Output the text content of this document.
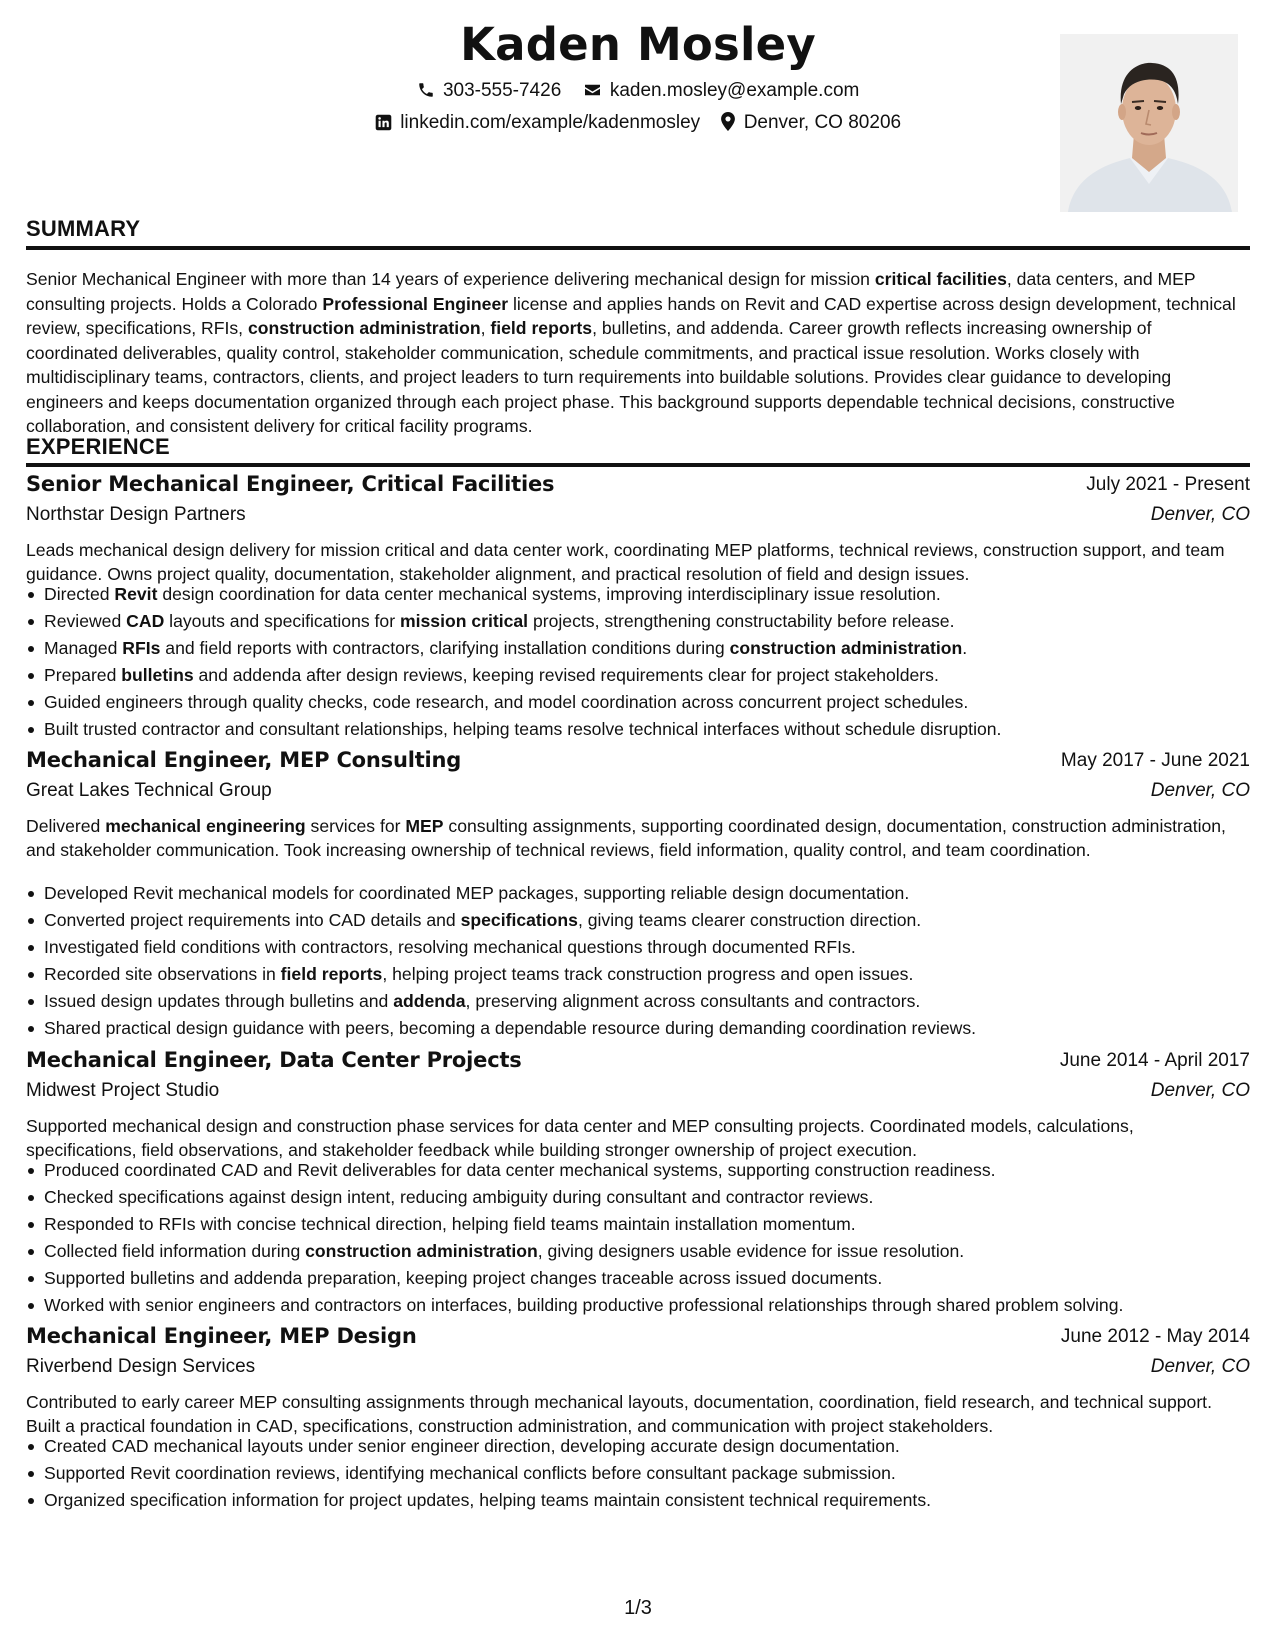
Kaden Mosley
303-555-7426	kaden.mosley@example.com
linkedin.com/example/kadenmosley Denver, CO 80206
SUMMARY
Senior Mechanical Engineer with more than 14 years of experience delivering mechanical design for mission critical facilities, data centers, and MEP consulting projects. Holds a Colorado Professional Engineer license and applies hands on Revit and CAD expertise across design development, technical review, specifications, RFIs, construction administration, field reports, bulletins, and addenda. Career growth reflects increasing ownership of coordinated deliverables, quality control, stakeholder communication, schedule commitments, and practical issue resolution. Works closely with multidisciplinary teams, contractors, clients, and project leaders to turn requirements into buildable solutions. Provides clear guidance to developing engineers and keeps documentation organized through each project phase. This background supports dependable technical decisions, constructive collaboration, and consistent delivery for critical facility programs.
EXPERIENCE
Senior Mechanical Engineer, Critical Facilities	July 2021 - Present
Northstar Design Partners	Denver, CO
Leads mechanical design delivery for mission critical and data center work, coordinating MEP platforms, technical reviews, construction support, and team guidance. Owns project quality, documentation, stakeholder alignment, and practical resolution of field and design issues.
Directed Revit design coordination for data center mechanical systems, improving interdisciplinary issue resolution.
Reviewed CAD layouts and specifications for mission critical projects, strengthening constructability before release.
Managed RFIs and field reports with contractors, clarifying installation conditions during construction administration.
Prepared bulletins and addenda after design reviews, keeping revised requirements clear for project stakeholders.
Guided engineers through quality checks, code research, and model coordination across concurrent project schedules.
Built trusted contractor and consultant relationships, helping teams resolve technical interfaces without schedule disruption.
Mechanical Engineer, MEP Consulting	May 2017 - June 2021
Great Lakes Technical Group	Denver, CO
Delivered mechanical engineering services for MEP consulting assignments, supporting coordinated design, documentation, construction administration, and stakeholder communication. Took increasing ownership of technical reviews, field information, quality control, and team coordination.
Developed Revit mechanical models for coordinated MEP packages, supporting reliable design documentation.
Converted project requirements into CAD details and specifications, giving teams clearer construction direction.
Investigated field conditions with contractors, resolving mechanical questions through documented RFIs.
Recorded site observations in field reports, helping project teams track construction progress and open issues.
Issued design updates through bulletins and addenda, preserving alignment across consultants and contractors.
Shared practical design guidance with peers, becoming a dependable resource during demanding coordination reviews.
Mechanical Engineer, Data Center Projects	June 2014 - April 2017
Midwest Project Studio	Denver, CO
Supported mechanical design and construction phase services for data center and MEP consulting projects. Coordinated models, calculations, specifications, field observations, and stakeholder feedback while building stronger ownership of project execution.
Produced coordinated CAD and Revit deliverables for data center mechanical systems, supporting construction readiness.
Checked specifications against design intent, reducing ambiguity during consultant and contractor reviews.
Responded to RFIs with concise technical direction, helping field teams maintain installation momentum.
Collected field information during construction administration, giving designers usable evidence for issue resolution.
Supported bulletins and addenda preparation, keeping project changes traceable across issued documents.
Worked with senior engineers and contractors on interfaces, building productive professional relationships through shared problem solving.
Mechanical Engineer, MEP Design	June 2012 - May 2014
Riverbend Design Services	Denver, CO
Contributed to early career MEP consulting assignments through mechanical layouts, documentation, coordination, field research, and technical support. Built a practical foundation in CAD, specifications, construction administration, and communication with project stakeholders.
Created CAD mechanical layouts under senior engineer direction, developing accurate design documentation.
Supported Revit coordination reviews, identifying mechanical conflicts before consultant package submission.
Organized specification information for project updates, helping teams maintain consistent technical requirements.
1/3
